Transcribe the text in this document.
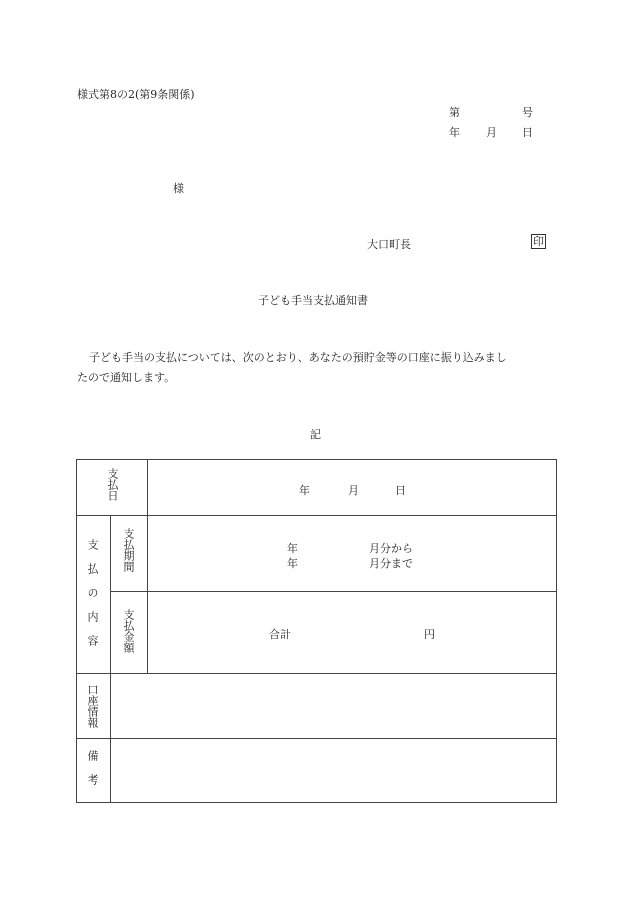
様式第8の2(第9条関係)
第	号
年 月 日
様
大口町長	印
子ども手当支払通知書
子ども手当の支払については、次のとおり、あなたの預貯金等の口座に振り込みまし
たので通知します。
記
支払日	年	月	日
支払の内容 支払期間	年	月分から
年	月分まで
支払金額	合計	円
口座情報
備考
